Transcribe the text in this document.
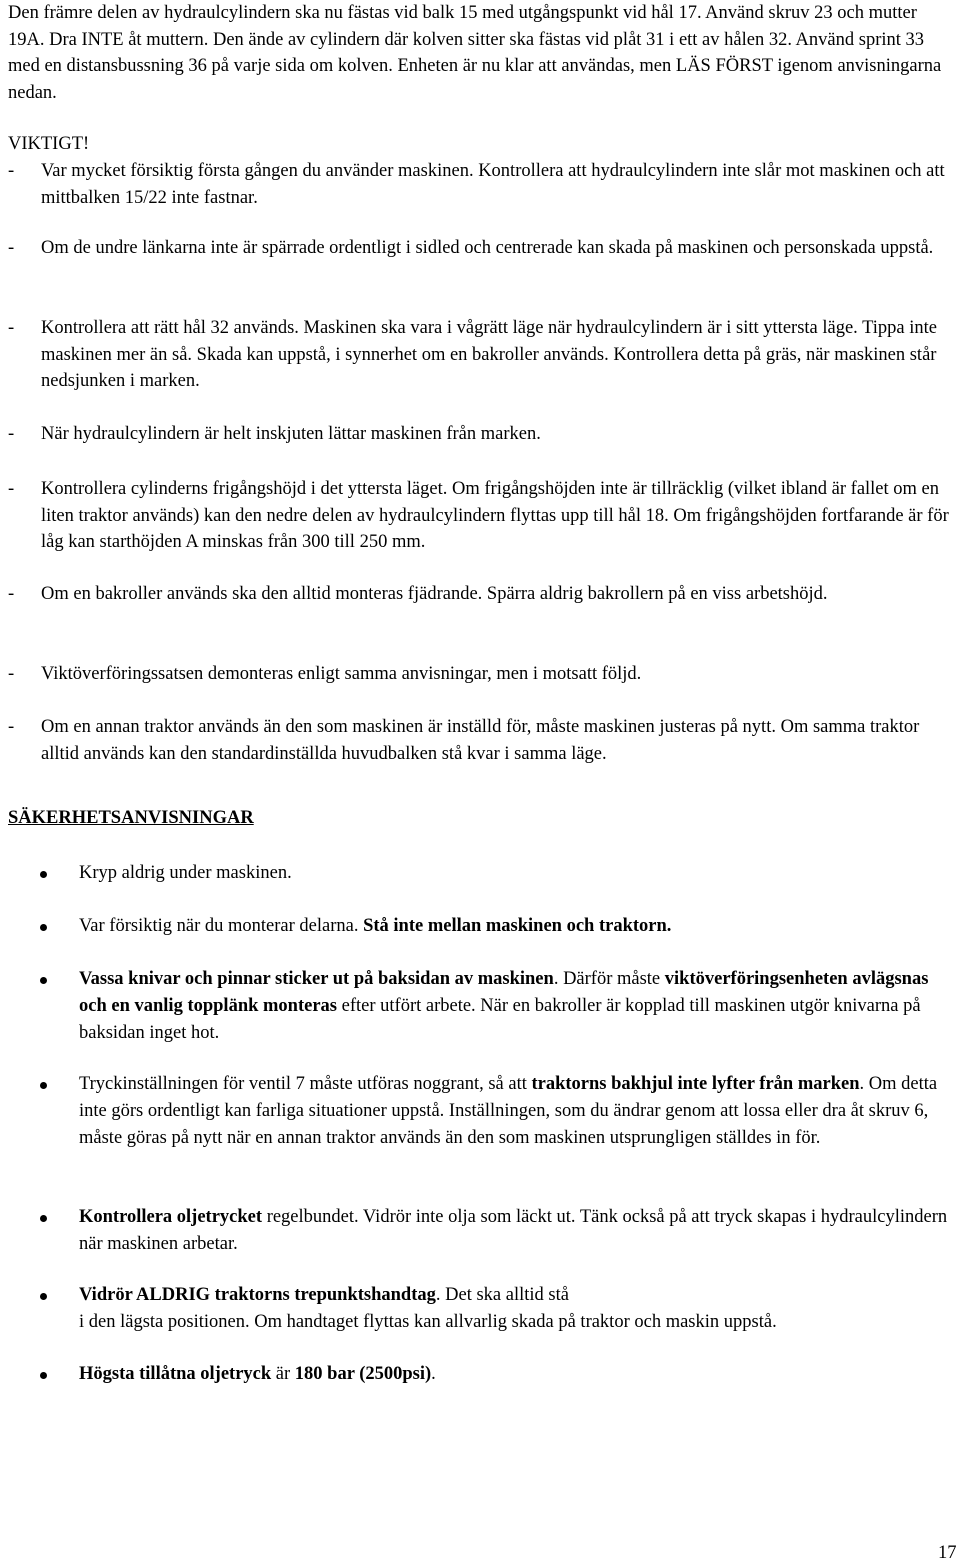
Den främre delen av hydraulcylindern ska nu fästas vid balk 15 med utgångspunkt vid hål 17. Använd skruv 23 och mutter 19A. Dra INTE åt muttern. Den ände av cylindern där kolven sitter ska fästas vid plåt 31 i ett av hålen 32. Använd sprint 33 med en distansbussning 36 på varje sida om kolven. Enheten är nu klar att användas, men LÄS FÖRST igenom anvisningarna nedan.
VIKTIGT!
- Var mycket försiktig första gången du använder maskinen. Kontrollera att hydraulcylindern inte slår mot maskinen och att mittbalken 15/22 inte fastnar.
- Om de undre länkarna inte är spärrade ordentligt i sidled och centrerade kan skada på maskinen och personskada uppstå.
- Kontrollera att rätt hål 32 används. Maskinen ska vara i vågrätt läge när hydraulcylindern är i sitt yttersta läge. Tippa inte maskinen mer än så. Skada kan uppstå, i synnerhet om en bakroller används. Kontrollera detta på gräs, när maskinen står nedsjunken i marken.
- När hydraulcylindern är helt inskjuten lättar maskinen från marken.
- Kontrollera cylinderns frigångshöjd i det yttersta läget. Om frigångshöjden inte är tillräcklig (vilket ibland är fallet om en liten traktor används) kan den nedre delen av hydraulcylindern flyttas upp till hål 18. Om frigångshöjden fortfarande är för låg kan starthöjden A minskas från 300 till 250 mm.
- Om en bakroller används ska den alltid monteras fjädrande. Spärra aldrig bakrollern på en viss arbetshöjd.
- Viktöverföringssatsen demonteras enligt samma anvisningar, men i motsatt följd.
- Om en annan traktor används än den som maskinen är inställd för, måste maskinen justeras på nytt. Om samma traktor alltid används kan den standardinställda huvudbalken stå kvar i samma läge.
SÄKERHETSANVISNINGAR
Kryp aldrig under maskinen.
Var försiktig när du monterar delarna. Stå inte mellan maskinen och traktorn.
Vassa knivar och pinnar sticker ut på baksidan av maskinen. Därför måste viktöverföringsenheten avlägsnas och en vanlig topplänk monteras efter utfört arbete. När en bakroller är kopplad till maskinen utgör knivarna på baksidan inget hot.
Tryckinställningen för ventil 7 måste utföras noggrant, så att traktorns bakhjul inte lyfter från marken. Om detta inte görs ordentligt kan farliga situationer uppstå. Inställningen, som du ändrar genom att lossa eller dra åt skruv 6, måste göras på nytt när en annan traktor används än den som maskinen utsprungligen ställdes in för.
Kontrollera oljetrycket regelbundet. Vidrör inte olja som läckt ut. Tänk också på att tryck skapas i hydraulcylindern när maskinen arbetar.
Vidrör ALDRIG traktorns trepunktshandtag. Det ska alltid stå
i den lägsta positionen. Om handtaget flyttas kan allvarlig skada på traktor och maskin uppstå.
Högsta tillåtna oljetryck är 180 bar (2500psi).
17
